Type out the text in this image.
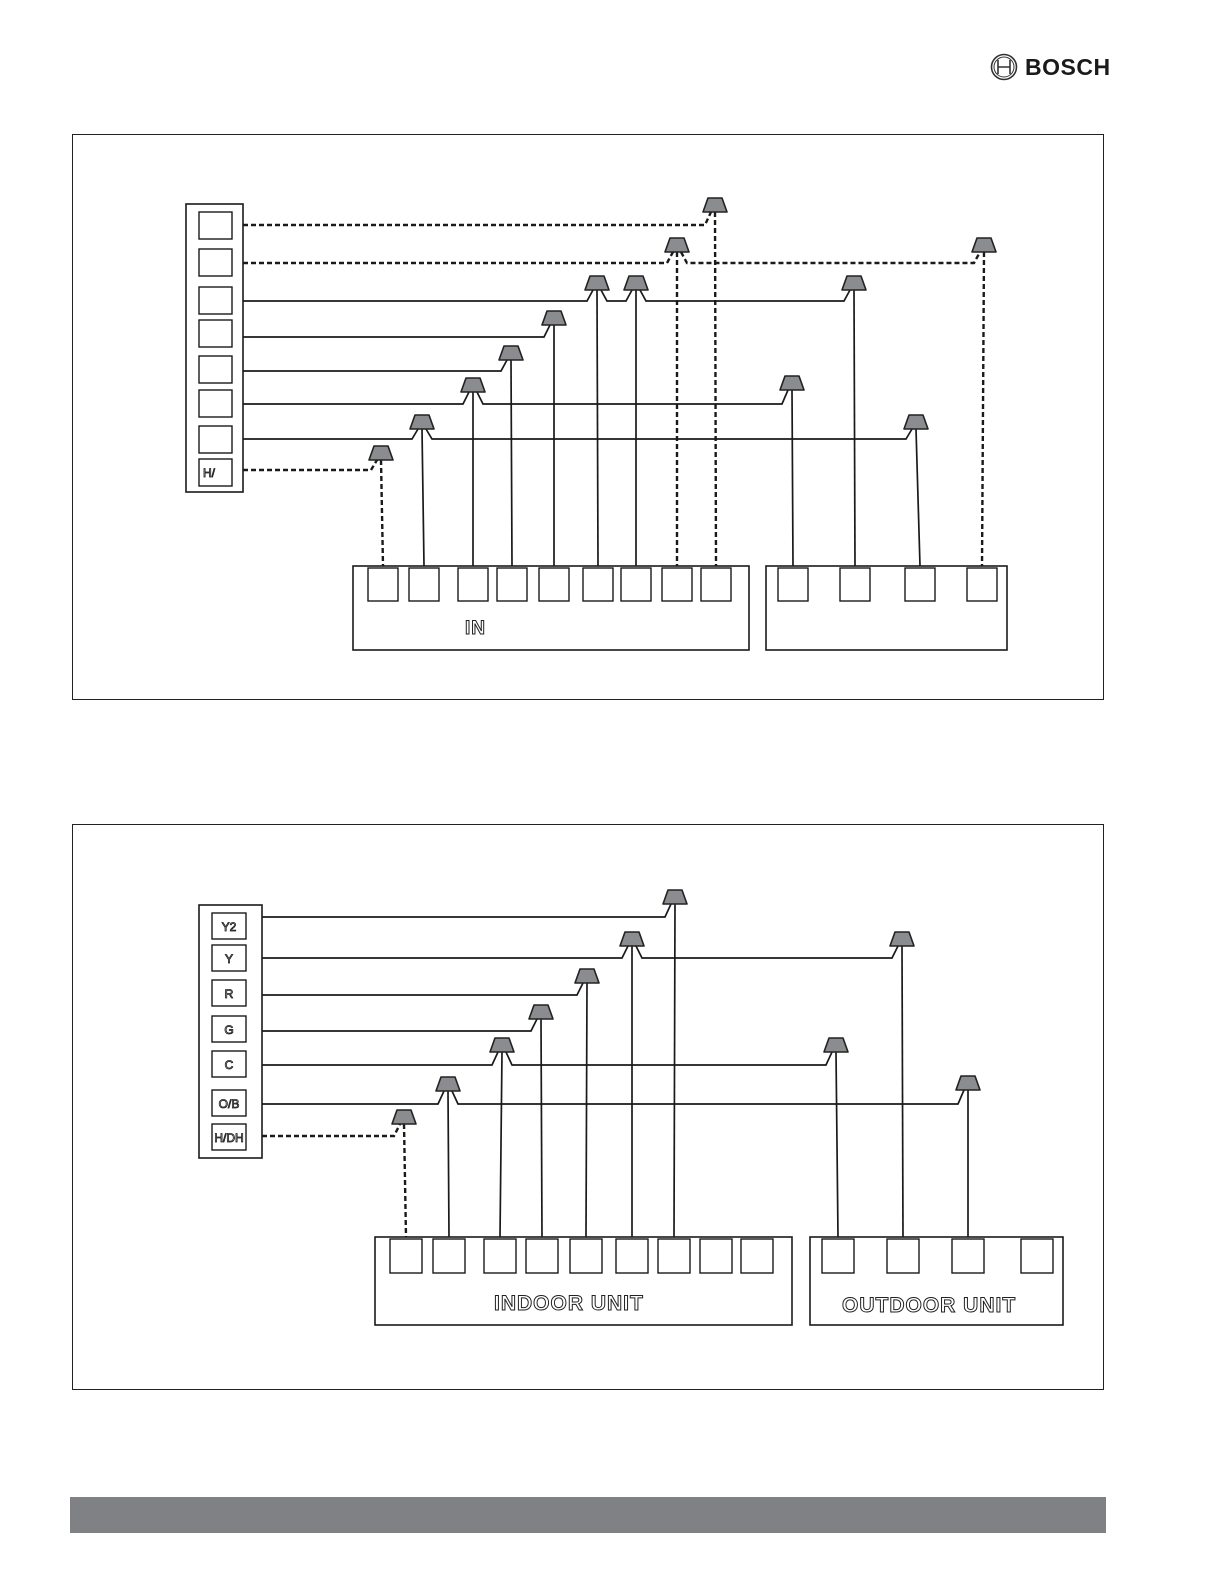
BOSCH
H/
IN
Y2
Y
R
G
C
O/B
H/DH
INDOOR UNIT	OUTDOOR UNIT
